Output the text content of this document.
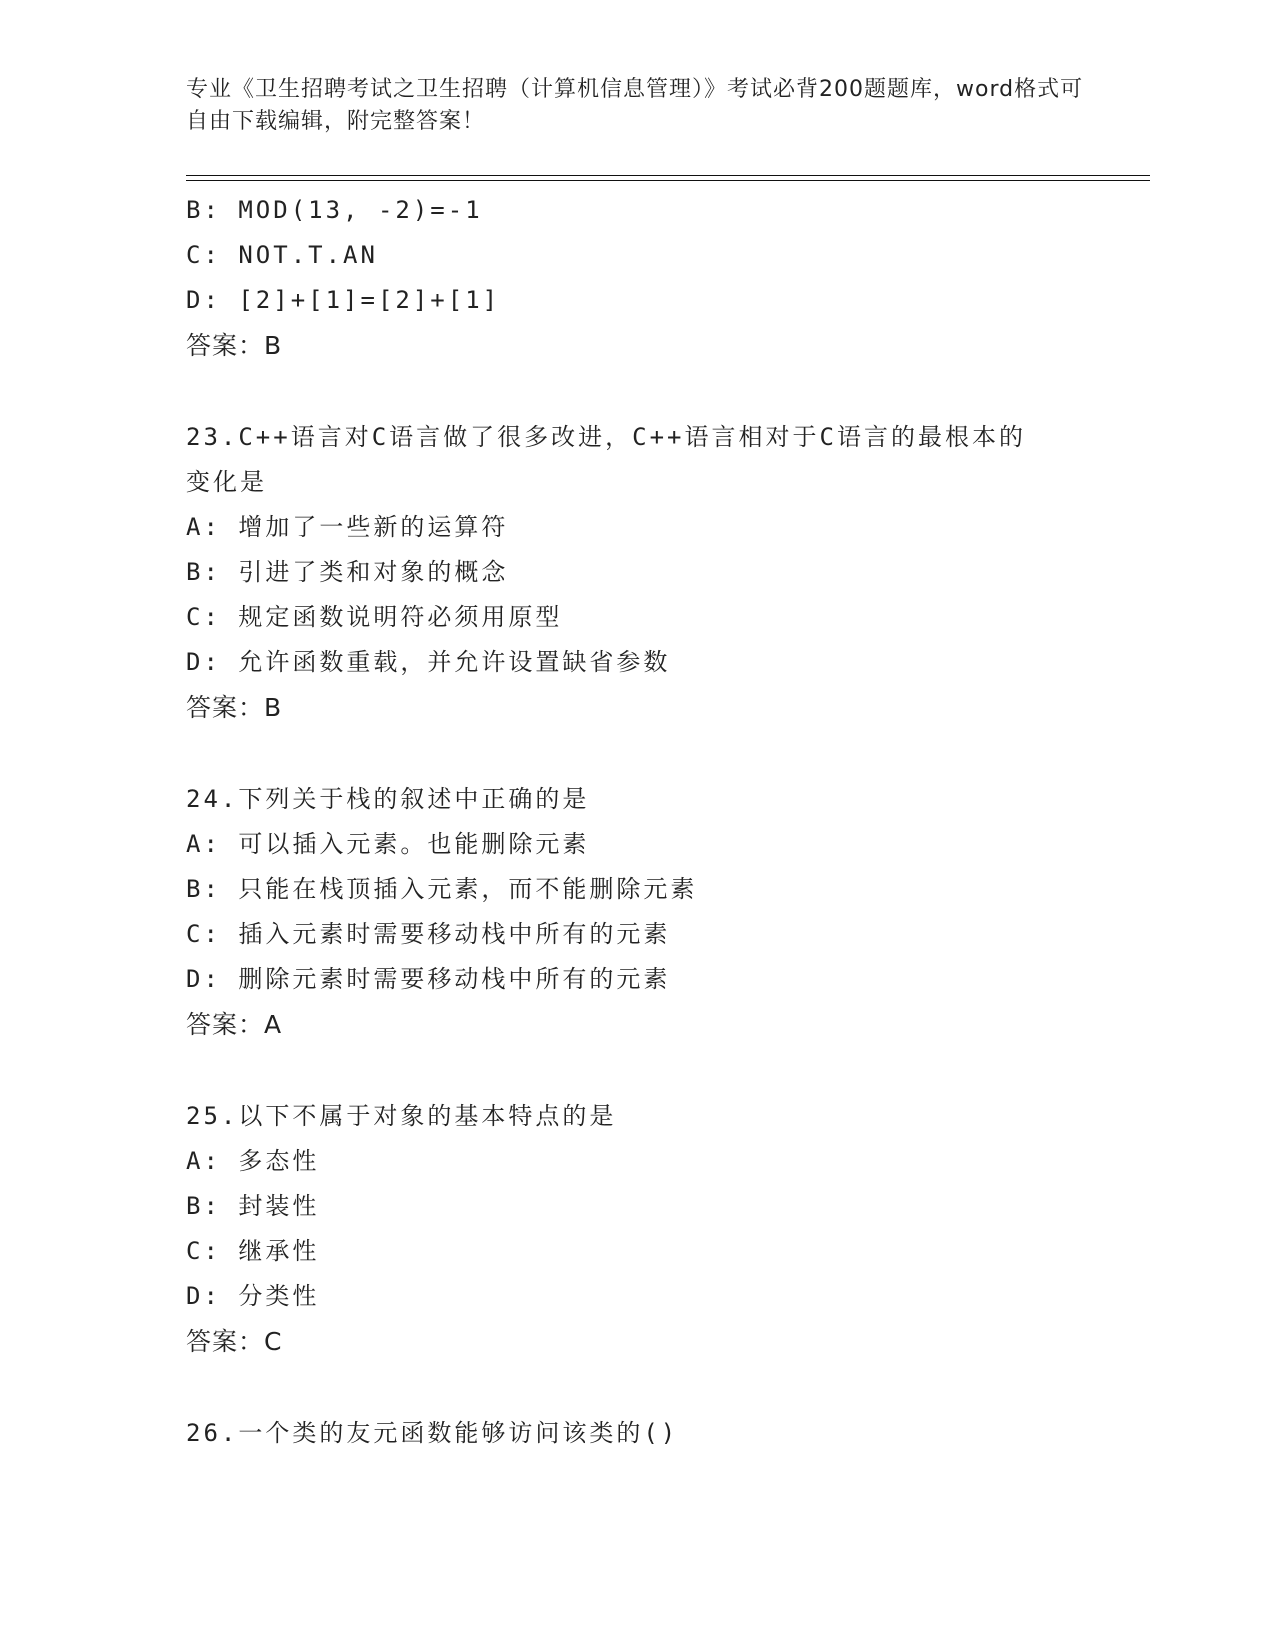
专业《卫生招聘考试之卫生招聘（计算机信息管理）》考试必背200题题库，word格式可自由下载编辑，附完整答案！
B: MOD(13, -2)=-1
C: NOT.T.AN
D: [2]+[1]=[2]+[1]
答案：B
23.C++语言对C语言做了很多改进，C++语言相对于C语言的最根本的
变化是
A: 增加了一些新的运算符
B: 引进了类和对象的概念
C: 规定函数说明符必须用原型
D: 允许函数重载，并允许设置缺省参数
答案：B
24.下列关于栈的叙述中正确的是
A: 可以插入元素。也能删除元素
B: 只能在栈顶插入元素，而不能删除元素
C: 插入元素时需要移动栈中所有的元素
D: 删除元素时需要移动栈中所有的元素
答案：A
25.以下不属于对象的基本特点的是
A: 多态性
B: 封装性
C: 继承性
D: 分类性
答案：C
26.一个类的友元函数能够访问该类的()
